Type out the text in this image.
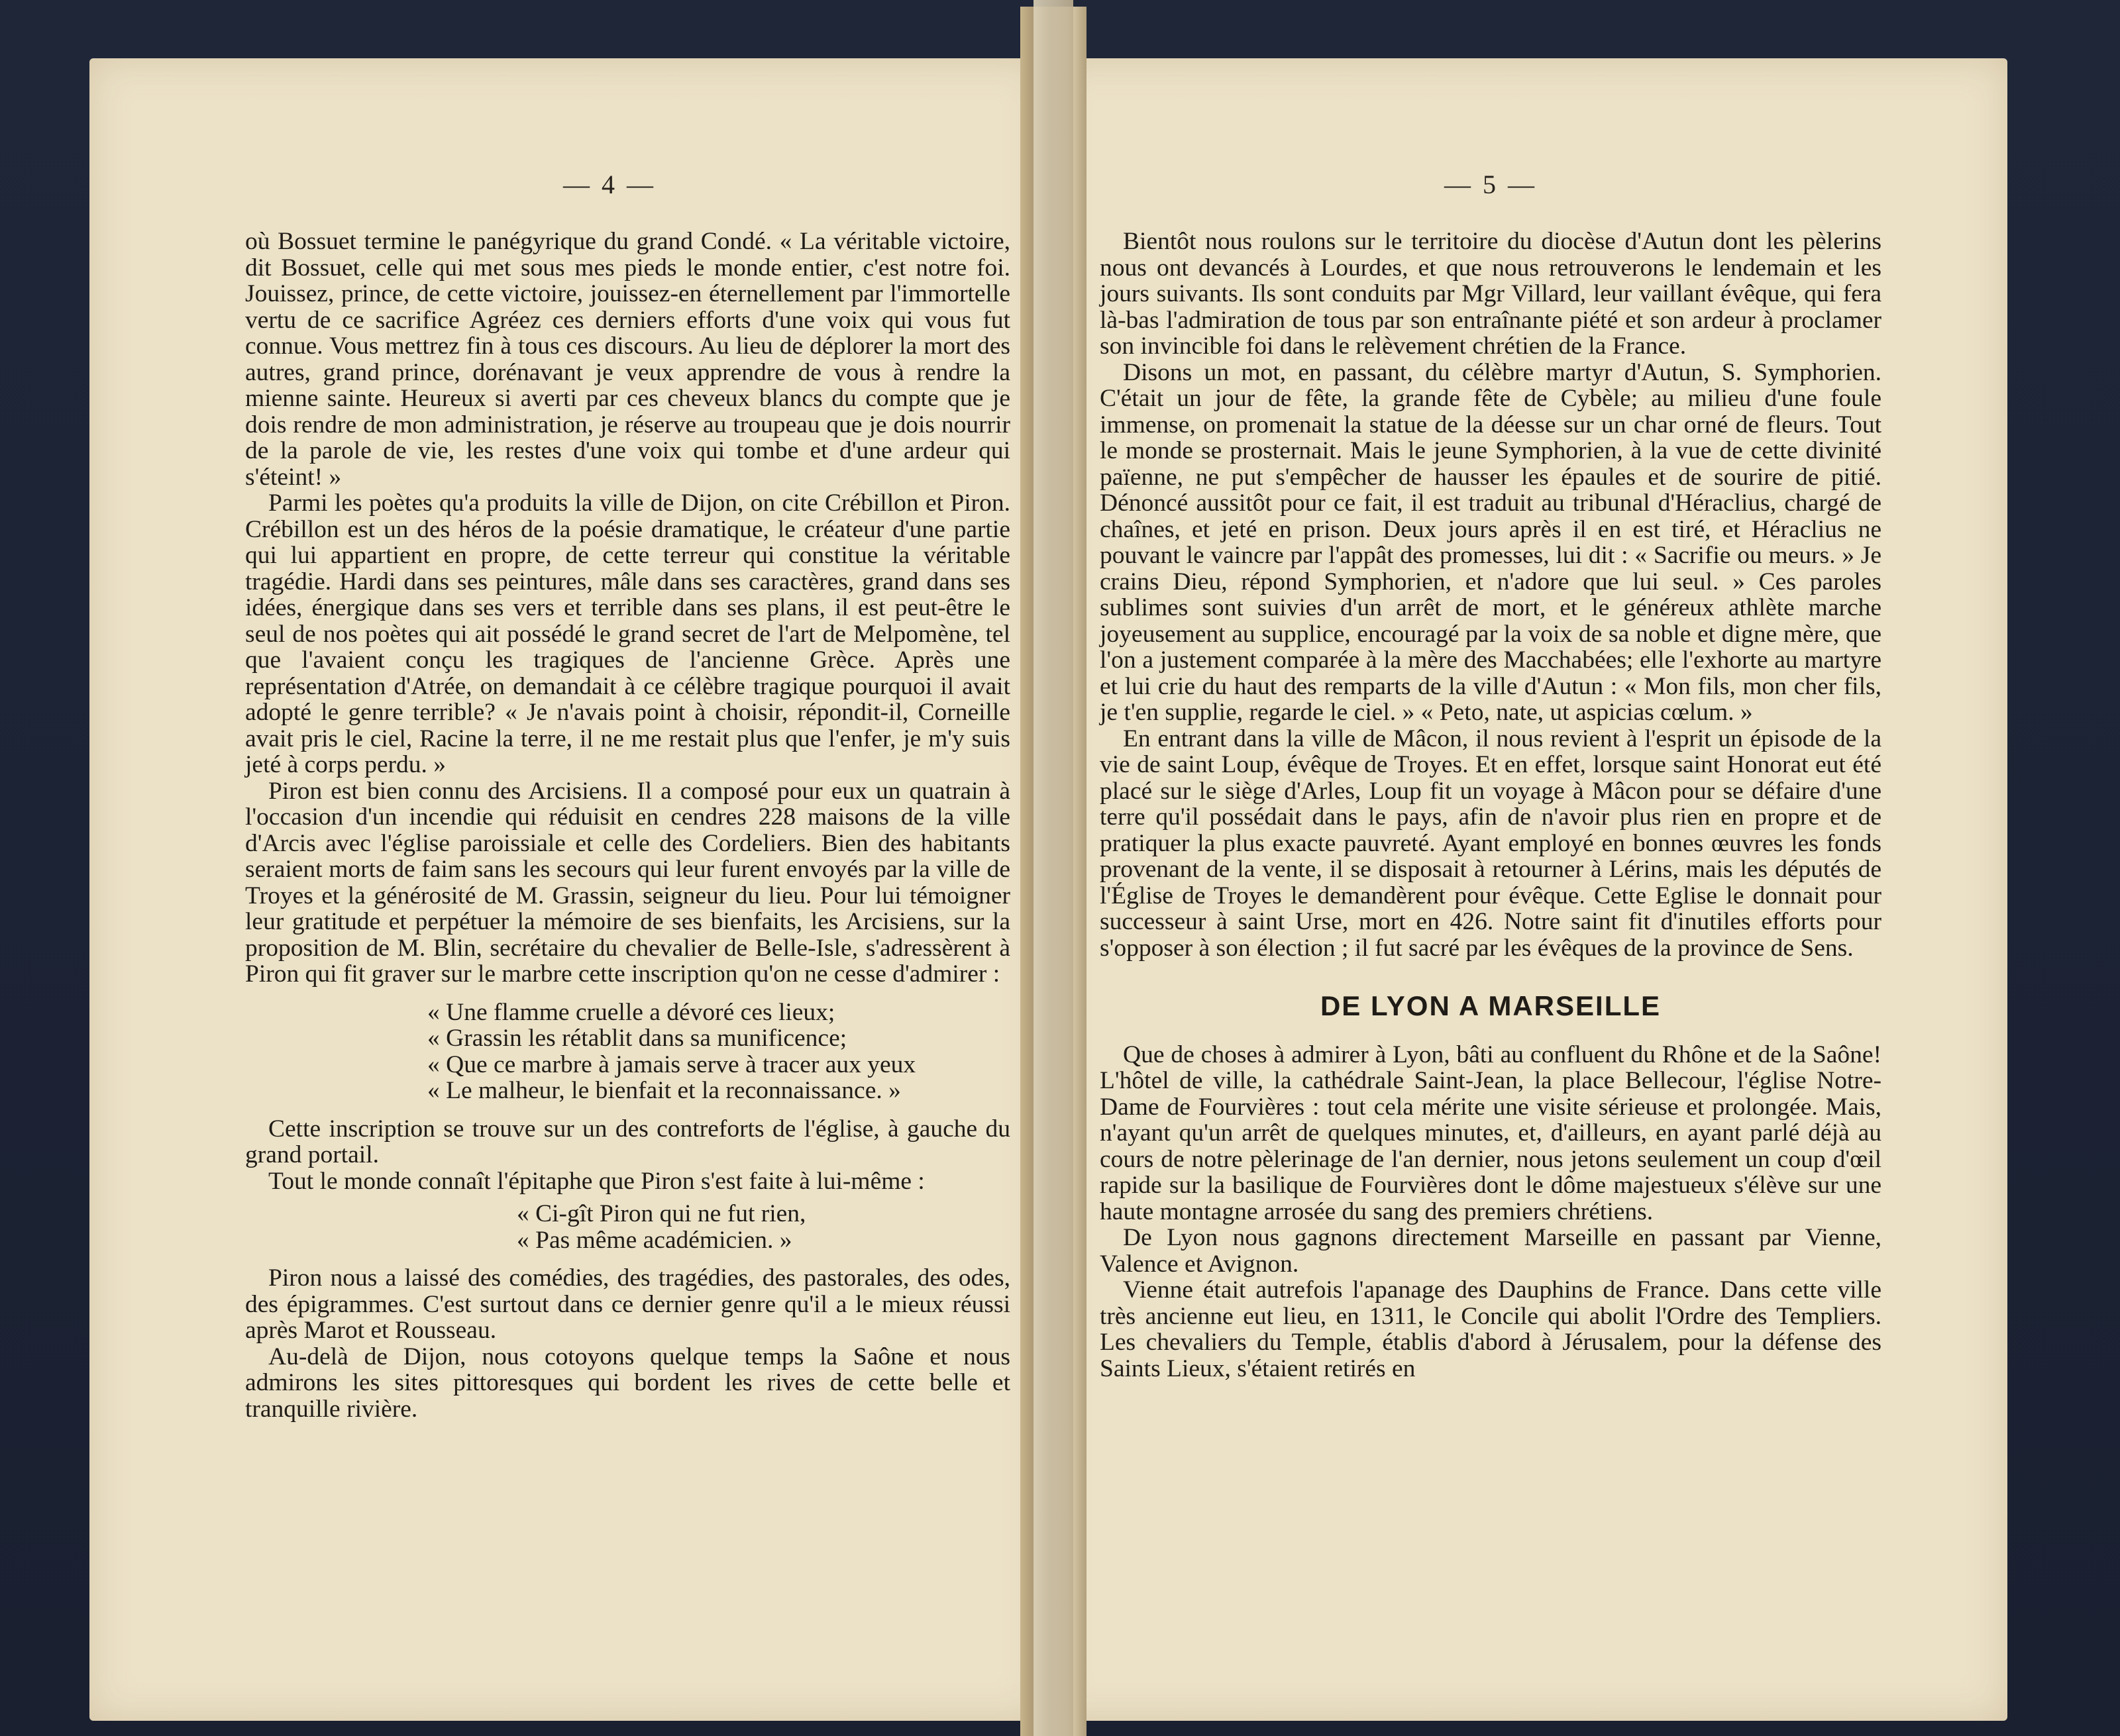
— 4 —	— 5 —

où Bossuet termine le panégyrique du grand Condé. « La véritable victoire, dit Bossuet, celle qui met sous mes pieds le monde entier, c'est notre foi. Jouissez, prince, de cette victoire, jouissez-en éternellement par l'immortelle vertu de ce sacrifice Agréez ces derniers efforts d'une voix qui vous fut connue. Vous mettrez fin à tous ces discours. Au lieu de déplorer la mort des autres, grand prince, dorénavant je veux apprendre de vous à rendre la mienne sainte. Heureux si averti par ces cheveux blancs du compte que je dois rendre de mon administration, je réserve au troupeau que je dois nourrir de la parole de vie, les restes d'une voix qui tombe et d'une ardeur qui s'éteint! »

Parmi les poètes qu'a produits la ville de Dijon, on cite Crébillon et Piron. Crébillon est un des héros de la poésie dramatique, le créateur d'une partie qui lui appartient en propre, de cette terreur qui constitue la véritable tragédie. Hardi dans ses peintures, mâle dans ses caractères, grand dans ses idées, énergique dans ses vers et terrible dans ses plans, il est peut-être le seul de nos poètes qui ait possédé le grand secret de l'art de Melpomène, tel que l'avaient conçu les tragiques de l'ancienne Grèce. Après une représentation d'Atrée, on demandait à ce célèbre tragique pourquoi il avait adopté le genre terrible? « Je n'avais point à choisir, répondit-il, Corneille avait pris le ciel, Racine la terre, il ne me restait plus que l'enfer, je m'y suis jeté à corps perdu. »

Piron est bien connu des Arcisiens. Il a composé pour eux un quatrain à l'occasion d'un incendie qui réduisit en cendres 228 maisons de la ville d'Arcis avec l'église paroissiale et celle des Cordeliers. Bien des habitants seraient morts de faim sans les secours qui leur furent envoyés par la ville de Troyes et la générosité de M. Grassin, seigneur du lieu. Pour lui témoigner leur gratitude et perpétuer la mémoire de ses bienfaits, les Arcisiens, sur la proposition de M. Blin, secrétaire du chevalier de Belle-Isle, s'adressèrent à Piron qui fit graver sur le marbre cette inscription qu'on ne cesse d'admirer :

« Une flamme cruelle a dévoré ces lieux;
« Grassin les rétablit dans sa munificence;
« Que ce marbre à jamais serve à tracer aux yeux
« Le malheur, le bienfait et la reconnaissance. »

Cette inscription se trouve sur un des contreforts de l'église, à gauche du grand portail.

Tout le monde connaît l'épitaphe que Piron s'est faite à lui-même :

« Ci-gît Piron qui ne fut rien,
« Pas même académicien. »

Piron nous a laissé des comédies, des tragédies, des pastorales, des odes, des épigrammes. C'est surtout dans ce dernier genre qu'il a le mieux réussi après Marot et Rousseau.

Au-delà de Dijon, nous cotoyons quelque temps la Saône et nous admirons les sites pittoresques qui bordent les rives de cette belle et tranquille rivière.

Bientôt nous roulons sur le territoire du diocèse d'Autun dont les pèlerins nous ont devancés à Lourdes, et que nous retrouverons le lendemain et les jours suivants. Ils sont conduits par Mgr Villard, leur vaillant évêque, qui fera là-bas l'admiration de tous par son entraînante piété et son ardeur à proclamer son invincible foi dans le relèvement chrétien de la France.

Disons un mot, en passant, du célèbre martyr d'Autun, S. Symphorien. C'était un jour de fête, la grande fête de Cybèle; au milieu d'une foule immense, on promenait la statue de la déesse sur un char orné de fleurs. Tout le monde se prosternait. Mais le jeune Symphorien, à la vue de cette divinité païenne, ne put s'empêcher de hausser les épaules et de sourire de pitié. Dénoncé aussitôt pour ce fait, il est traduit au tribunal d'Héraclius, chargé de chaînes, et jeté en prison. Deux jours après il en est tiré, et Héraclius ne pouvant le vaincre par l'appât des promesses, lui dit : « Sacrifie ou meurs. » Je crains Dieu, répond Symphorien, et n'adore que lui seul. » Ces paroles sublimes sont suivies d'un arrêt de mort, et le généreux athlète marche joyeusement au supplice, encouragé par la voix de sa noble et digne mère, que l'on a justement comparée à la mère des Macchabées; elle l'exhorte au martyre et lui crie du haut des remparts de la ville d'Autun : « Mon fils, mon cher fils, je t'en supplie, regarde le ciel. » « Peto, nate, ut aspicias cœlum. »

En entrant dans la ville de Mâcon, il nous revient à l'esprit un épisode de la vie de saint Loup, évêque de Troyes. Et en effet, lorsque saint Honorat eut été placé sur le siège d'Arles, Loup fit un voyage à Mâcon pour se défaire d'une terre qu'il possédait dans le pays, afin de n'avoir plus rien en propre et de pratiquer la plus exacte pauvreté. Ayant employé en bonnes œuvres les fonds provenant de la vente, il se disposait à retourner à Lérins, mais les députés de l'Église de Troyes le demandèrent pour évêque. Cette Eglise le donnait pour successeur à saint Urse, mort en 426. Notre saint fit d'inutiles efforts pour s'opposer à son élection ; il fut sacré par les évêques de la province de Sens.

DE LYON A MARSEILLE

Que de choses à admirer à Lyon, bâti au confluent du Rhône et de la Saône! L'hôtel de ville, la cathédrale Saint-Jean, la place Bellecour, l'église Notre-Dame de Fourvières : tout cela mérite une visite sérieuse et prolongée. Mais, n'ayant qu'un arrêt de quelques minutes, et, d'ailleurs, en ayant parlé déjà au cours de notre pèlerinage de l'an dernier, nous jetons seulement un coup d'œil rapide sur la basilique de Fourvières dont le dôme majestueux s'élève sur une haute montagne arrosée du sang des premiers chrétiens.

De Lyon nous gagnons directement Marseille en passant par Vienne, Valence et Avignon.

Vienne était autrefois l'apanage des Dauphins de France. Dans cette ville très ancienne eut lieu, en 1311, le Concile qui abolit l'Ordre des Templiers. Les chevaliers du Temple, établis d'abord à Jérusalem, pour la défense des Saints Lieux, s'étaient retirés en
